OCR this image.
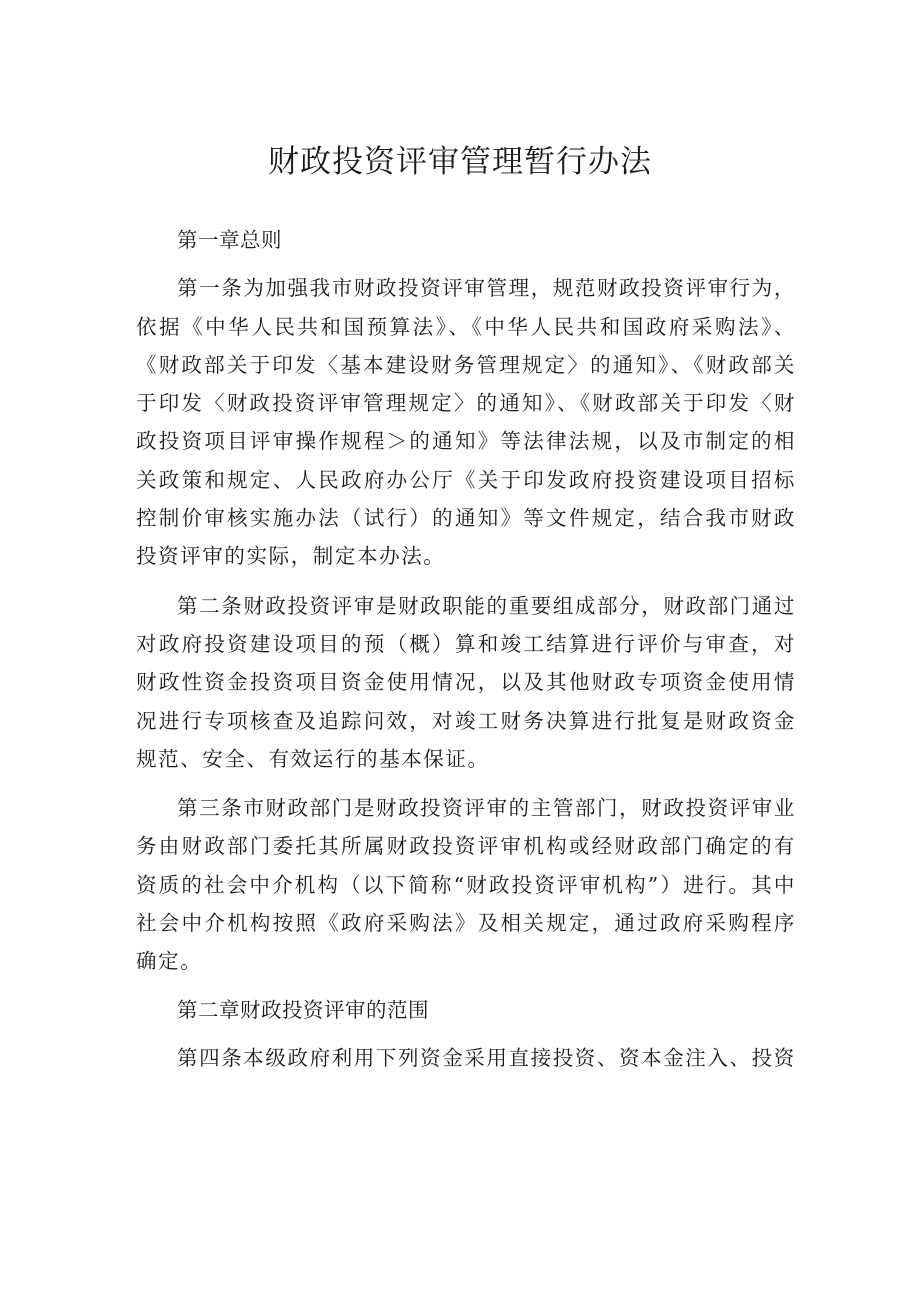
财政投资评审管理暂行办法

第一章总则

第一条为加强我市财政投资评审管理，规范财政投资评审行为，依据《中华人民共和国预算法》、《中华人民共和国政府采购法》、《财政部关于印发〈基本建设财务管理规定〉的通知》、《财政部关于印发〈财政投资评审管理规定〉的通知》、《财政部关于印发〈财政投资项目评审操作规程＞的通知》等法律法规，以及市制定的相关政策和规定、人民政府办公厅《关于印发政府投资建设项目招标控制价审核实施办法（试行）的通知》等文件规定，结合我市财政投资评审的实际，制定本办法。

第二条财政投资评审是财政职能的重要组成部分，财政部门通过对政府投资建设项目的预（概）算和竣工结算进行评价与审查，对财政性资金投资项目资金使用情况，以及其他财政专项资金使用情况进行专项核查及追踪问效，对竣工财务决算进行批复是财政资金规范、安全、有效运行的基本保证。

第三条市财政部门是财政投资评审的主管部门，财政投资评审业务由财政部门委托其所属财政投资评审机构或经财政部门确定的有资质的社会中介机构（以下简称“财政投资评审机构”）进行。其中社会中介机构按照《政府采购法》及相关规定，通过政府采购程序确定。

第二章财政投资评审的范围

第四条本级政府利用下列资金采用直接投资、资本金注入、投资
